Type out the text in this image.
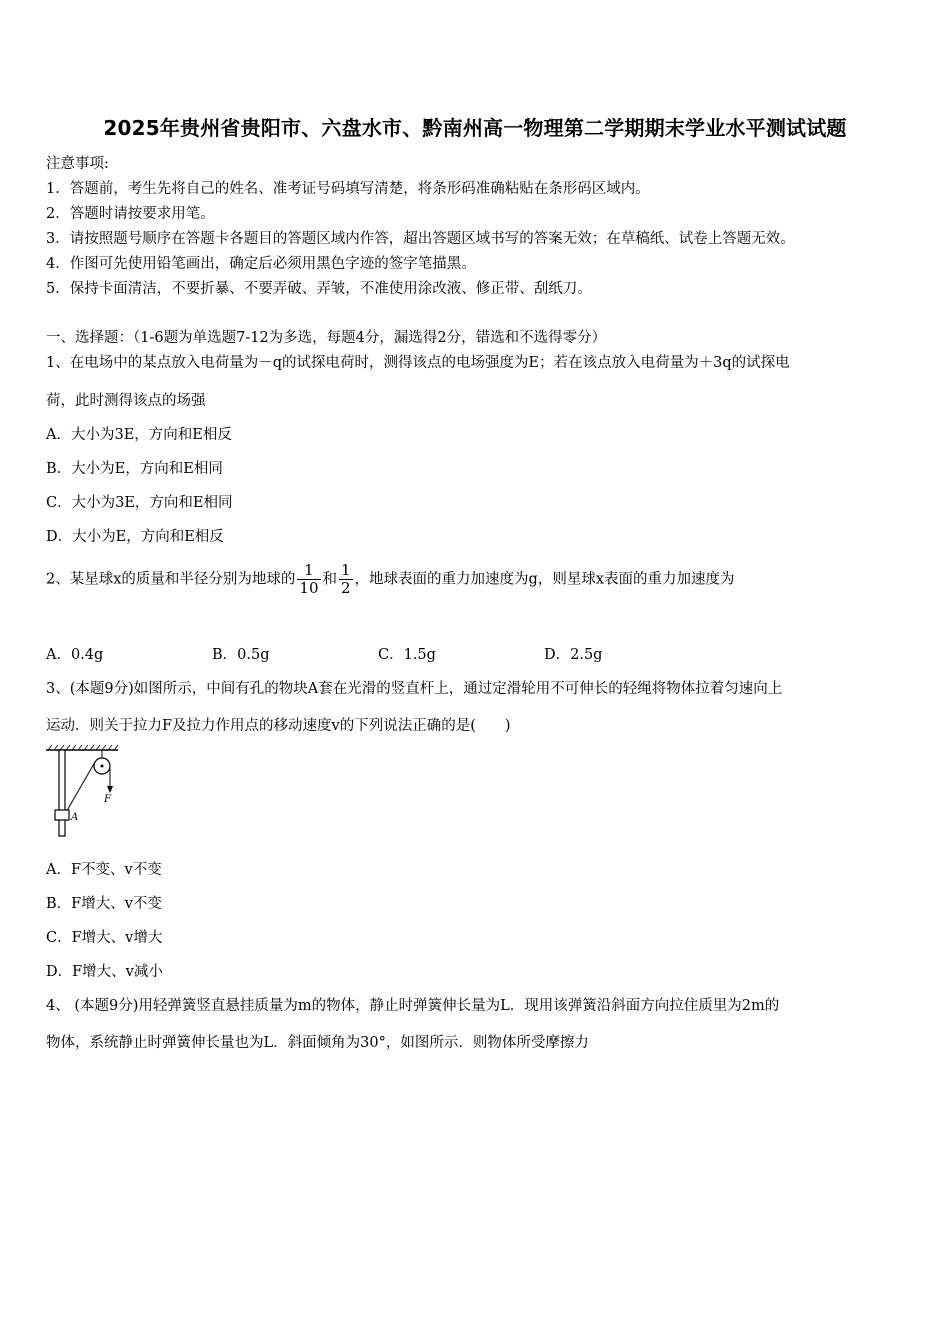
2025年贵州省贵阳市、六盘水市、黔南州高一物理第二学期期末学业水平测试试题
注意事项:
1．答题前，考生先将自己的姓名、准考证号码填写清楚，将条形码准确粘贴在条形码区域内。
2．答题时请按要求用笔。
3．请按照题号顺序在答题卡各题目的答题区域内作答，超出答题区域书写的答案无效；在草稿纸、试卷上答题无效。
4．作图可先使用铅笔画出，确定后必须用黑色字迹的签字笔描黑。
5．保持卡面清洁，不要折暴、不要弄破、弄皱，不准使用涂改液、修正带、刮纸刀。
一、选择题：（1-6题为单选题7-12为多选，每题4分，漏选得2分，错选和不选得零分）
1、在电场中的某点放入电荷量为－q的试探电荷时，测得该点的电场强度为E；若在该点放入电荷量为＋3q的试探电
荷，此时测得该点的场强
A．大小为3E，方向和E相反
B．大小为E，方向和E相同
C．大小为3E，方向和E相同
D．大小为E，方向和E相反
2、某星球x的质量和半径分别为地球的 $\frac{1}{10}$ 和 $\frac{1}{2}$ ，地球表面的重力加速度为g，则星球x表面的重力加速度为
A．0.4g	B．0.5g	C．1.5g	D．2.5g
3、(本题9分)如图所示，中间有孔的物块A套在光滑的竖直杆上，通过定滑轮用不可伸长的轻绳将物体拉着匀速向上
运动．则关于拉力F及拉力作用点的移动速度v的下列说法正确的是(　　)
F
A
A．F不变、v不变
B．F增大、v不变
C．F增大、v增大
D．F增大、v减小
4、 (本题9分)用轻弹簧竖直悬挂质量为m的物体，静止时弹簧伸长量为L．现用该弹簧沿斜面方向拉住质里为2m的
物体，系统静止时弹簧伸长量也为L．斜面倾角为30°，如图所示．则物体所受摩擦力
